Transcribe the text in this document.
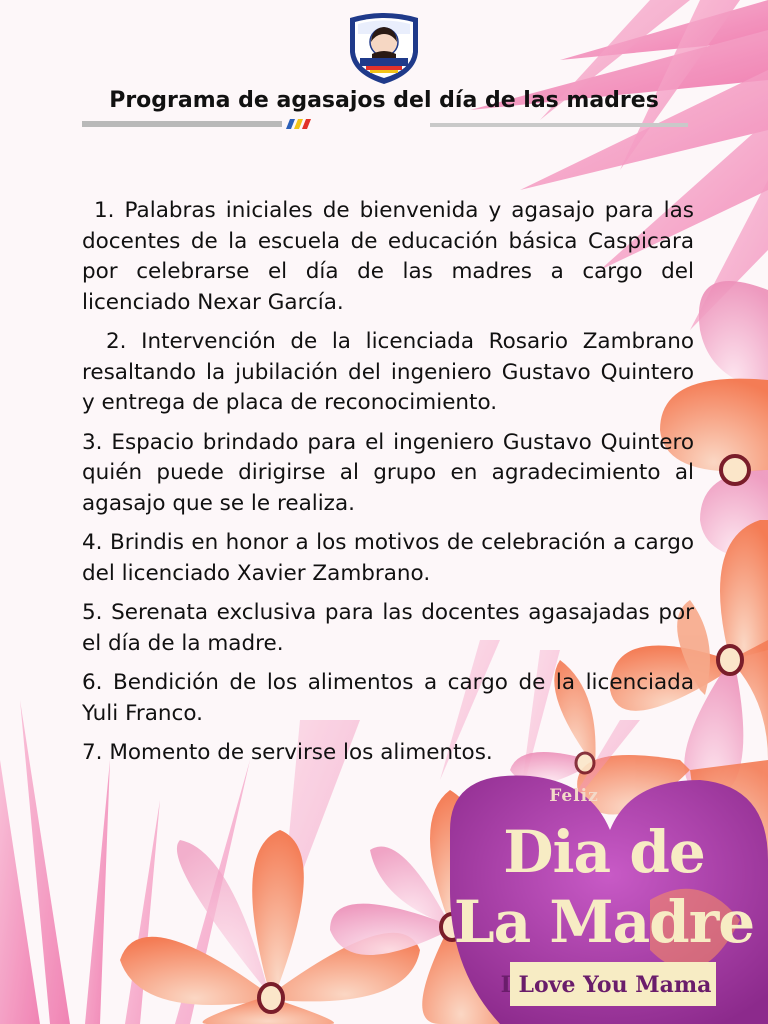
Programa de agasajos del día de las madres

1. Palabras iniciales de bienvenida y agasajo para las docentes de la escuela de educación básica Caspicara por celebrarse el día de las madres a cargo del licenciado Nexar García.

2. Intervención de la licenciada Rosario Zambrano resaltando la jubilación del ingeniero Gustavo Quintero y entrega de placa de reconocimiento.

3. Espacio brindado para el ingeniero Gustavo Quintero quién puede dirigirse al grupo en agradecimiento al agasajo que se le realiza.

4. Brindis en honor a los motivos de celebración a cargo del licenciado Xavier Zambrano.

5. Serenata exclusiva para las docentes agasajadas por el día de la madre.

6. Bendición de los alimentos a cargo de la licenciada Yuli Franco.

7. Momento de servirse los alimentos.

Feliz

Dia de

La Madre

I Love You Mama
